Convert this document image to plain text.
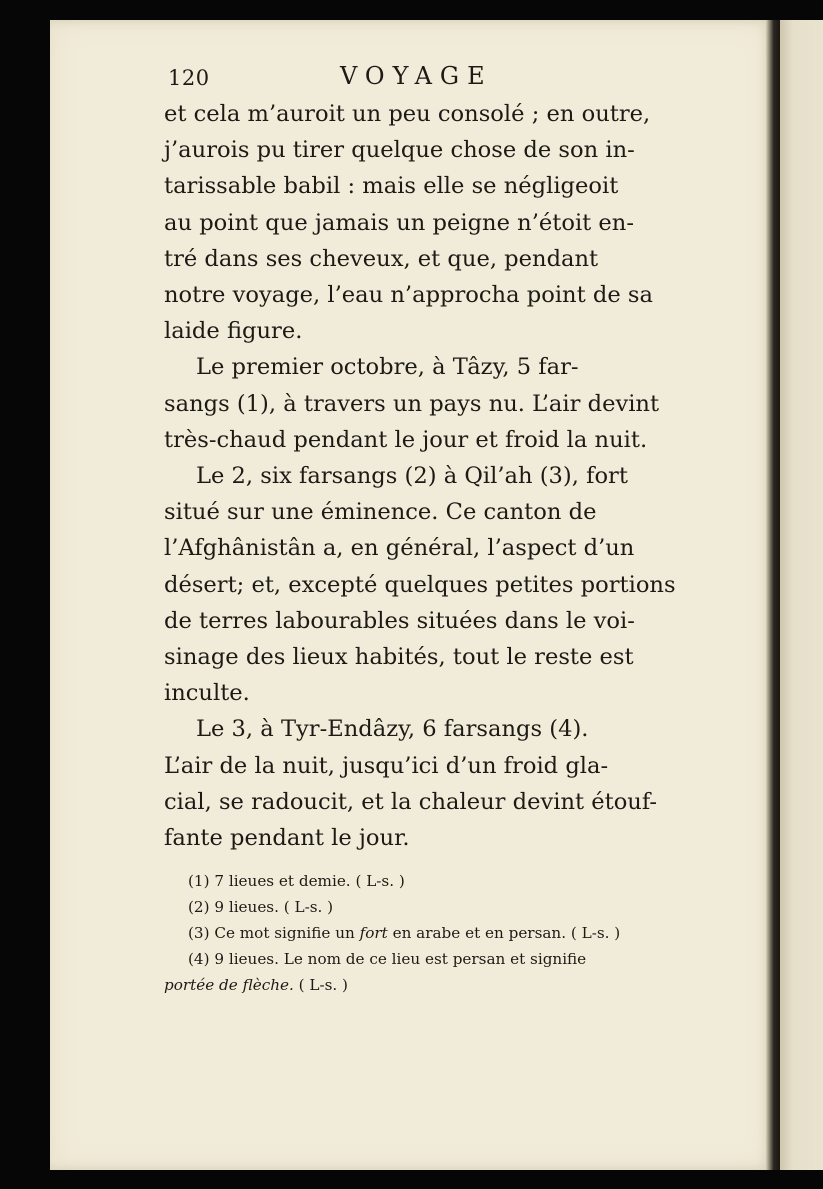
120	VOYAGE
et cela m’auroit un peu consolé ; en outre,
j’aurois pu tirer quelque chose de son in-
tarissable babil : mais elle se négligeoit
au point que jamais un peigne n’étoit en-
tré dans ses cheveux, et que, pendant
notre voyage, l’eau n’approcha point de sa
laide figure.
Le premier octobre, à Tâzy, 5 far-
sangs (1), à travers un pays nu. L’air devint
très-chaud pendant le jour et froid la nuit.
Le 2, six farsangs (2) à Qil’ah (3), fort
situé sur une éminence. Ce canton de
l’Afghânistân a, en général, l’aspect d’un
désert; et, excepté quelques petites portions
de terres labourables situées dans le voi-
sinage des lieux habités, tout le reste est
inculte.
Le 3, à Tyr-Endâzy, 6 farsangs (4).
L’air de la nuit, jusqu’ici d’un froid gla-
cial, se radoucit, et la chaleur devint étouf-
fante pendant le jour.

(1) 7 lieues et demie. ( L-s. )

(2) 9 lieues. ( L-s. )

(3) Ce mot signifie un fort en arabe et en persan. ( L-s. )

(4) 9 lieues. Le nom de ce lieu est persan et signifie

portée de flèche. ( L-s. )
